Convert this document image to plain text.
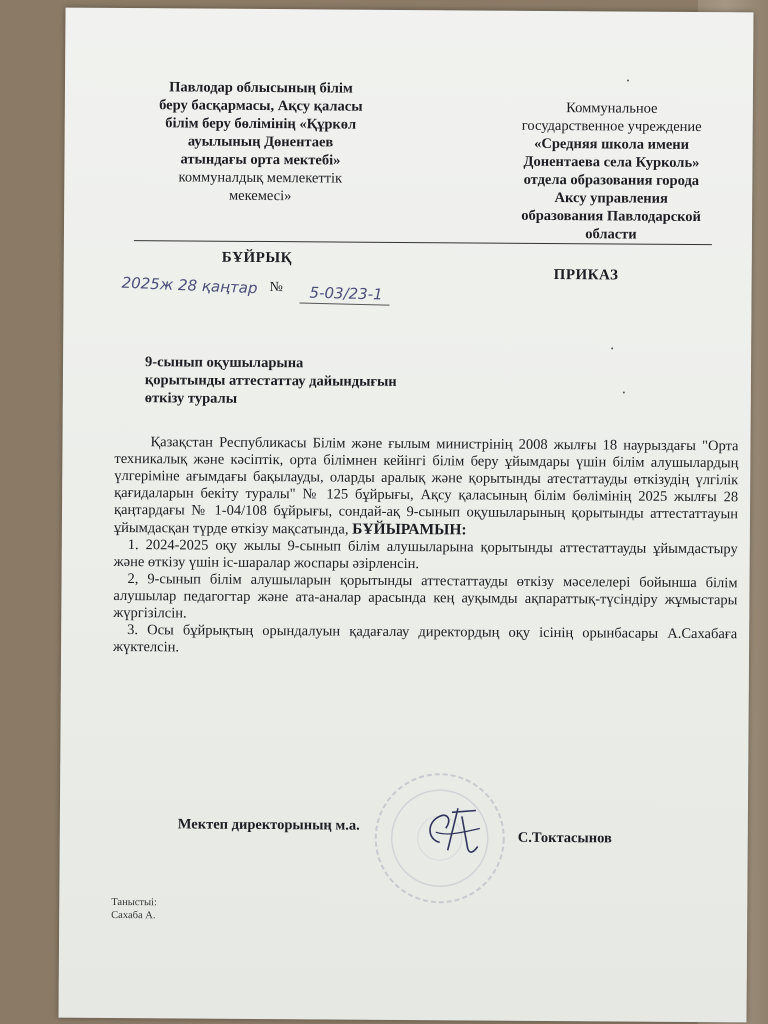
Павлодар облысының білім
беру басқармасы, Ақсу қаласы
білім беру бөлімінің «Құркөл
ауылының Дөнентаев
атындағы орта мектебі»
коммуналдық мемлекеттік
мекемесі»
Коммунальное
государственное учреждение
«Средняя школа имени
Донентаева села Курколь»
отдела образования города
Аксу управления
образования Павлодарской
области
БҰЙРЫҚ
ПРИКАЗ
2025ж 28 қаңтар № 5-03/23-1
9-сынып оқушыларына
қорытынды аттестаттау дайындығын
өткізу туралы

Қазақстан Республикасы Білім және ғылым министрінің 2008 жылғы 18 наурыздағы "Орта техникалық және кәсіптік, орта білімнен кейінгі білім беру ұйымдары үшін білім алушылардың үлгеріміне ағымдағы бақылауды, оларды аралық және қорытынды атестаттауды өткізудің үлгілік қағидаларын бекіту туралы" № 125 бұйрығы, Ақсу қаласының білім бөлімінің 2025 жылғы 28 қаңтардағы № 1-04/108 бұйрығы, сондай-ақ 9-сынып оқушыларының қорытынды аттестаттауын ұйымдасқан түрде өткізу мақсатында, БҰЙЫРАМЫН:

1. 2024-2025 оқу жылы 9-сынып білім алушыларына қорытынды аттестаттауды ұйымдастыру және өткізу үшін іс-шаралар жоспары әзірленсін.

2, 9-сынып білім алушыларын қорытынды аттестаттауды өткізу мәселелері бойынша білім алушылар педагогтар және ата-аналар арасында кең ауқымды ақпараттық-түсіндіру жұмыстары жүргізілсін.

3. Осы бұйрықтың орындалуын қадағалау директордың оқу ісінің орынбасары А.Сахабаға жүктелсін.

Мектеп директорының м.а.
С.Токтасынов
Таныстыі:
Сахаба А.
